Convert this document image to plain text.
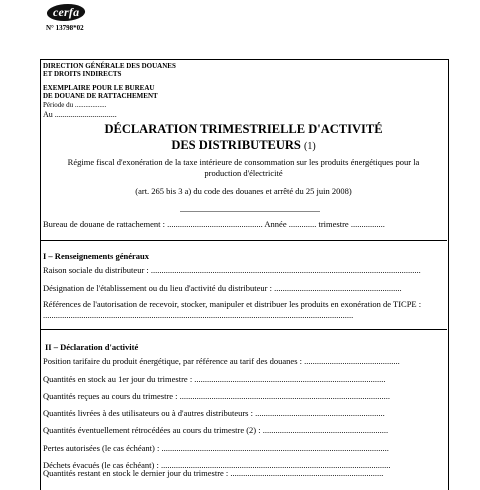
cerfa
N° 13798*02
DIRECTION GÉNÉRALE DES DOUANES
ET DROITS INDIRECTS
EXEMPLAIRE POUR LE BUREAU
DE DOUANE DE RATTACHEMENT
Période du ..................
Au ...............................
DÉCLARATION TRIMESTRIELLE D'ACTIVITÉ
DES DISTRIBUTEURS (1)
Régime fiscal d'exonération de la taxe intérieure de consommation sur les produits énergétiques pour la production d'électricité
(art. 265 bis 3 a) du code des douanes et arrêté du 25 juin 2008)
Bureau de douane de rattachement : ............................................. Année ............. trimestre ................
I – Renseignements généraux
Raison sociale du distributeur : ...............................................................................................................................
Désignation de l'établissement ou du lieu d'activité du distributeur : ............................................................
Références de l'autorisation de recevoir, stocker, manipuler et distribuer les produits en exonération de TICPE : ..................................................................................................................................................
II – Déclaration d'activité
Position tarifaire du produit énergétique, par référence au tarif des douanes : .............................................
Quantités en stock au 1er jour du trimestre : ..........................................................................................
Quantités reçues au cours du trimestre : ...................................................................................................
Quantités livrées à des utilisateurs ou à d'autres distributeurs : .............................................................
Quantités éventuellement rétrocédées au cours du trimestre (2) : ...........................................................
Pertes autorisées (le cas échéant) : ...........................................................................................................
Déchets évacués (le cas échéant) : ............................................................................................................
Quantités restant en stock le dernier jour du trimestre : ........................................................................
